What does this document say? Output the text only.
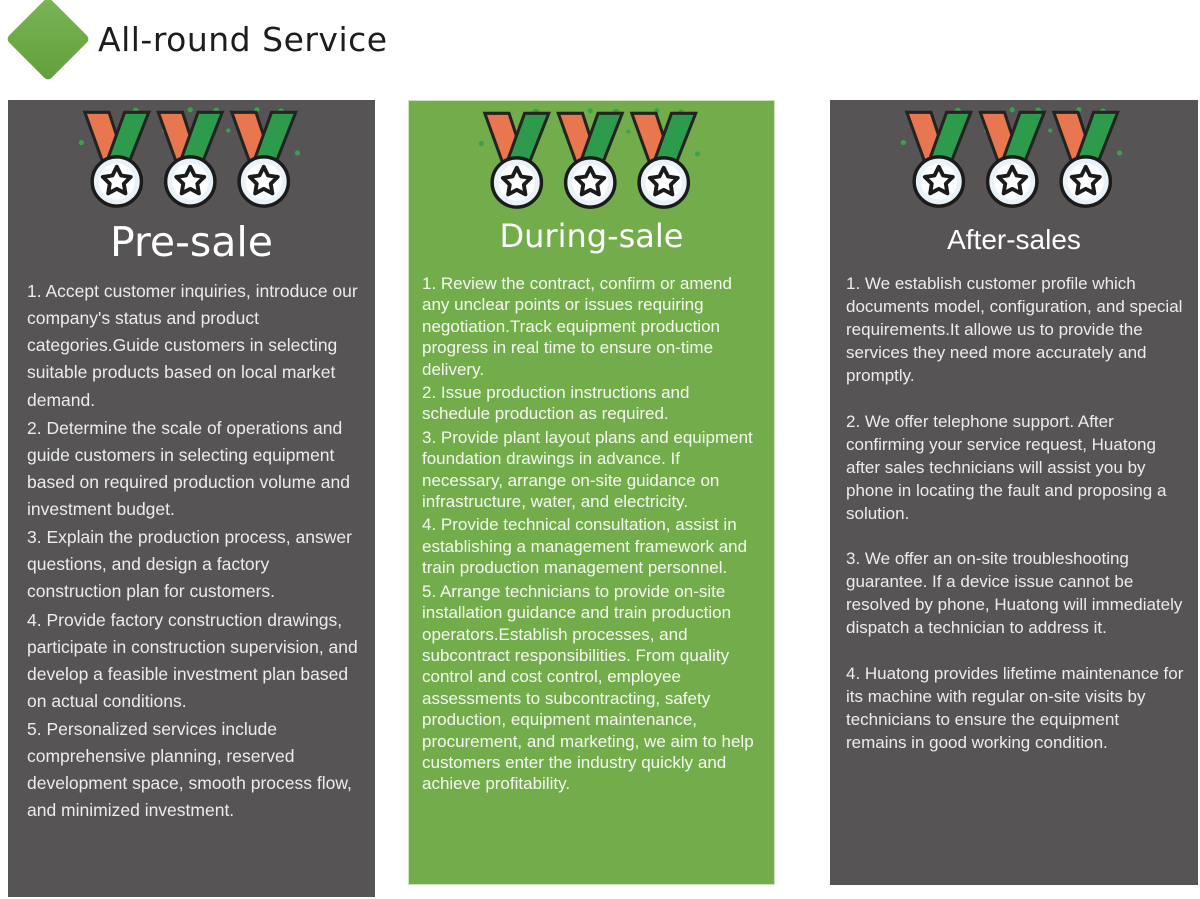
All-round Service
Pre-sale

1. Accept customer inquiries, introduce our company's status and product categories.Guide customers in selecting suitable products based on local market demand.

2. Determine the scale of operations and guide customers in selecting equipment based on required production volume and investment budget.

3. Explain the production process, answer questions, and design a factory construction plan for customers.

4. Provide factory construction drawings, participate in construction supervision, and develop a feasible investment plan based on actual conditions.

5. Personalized services include comprehensive planning, reserved development space, smooth process flow, and minimized investment.

During-sale

1. Review the contract, confirm or amend any unclear points or issues requiring negotiation.Track equipment production progress in real time to ensure on-time delivery.

2. Issue production instructions and schedule production as required.

3. Provide plant layout plans and equipment foundation drawings in advance. If necessary, arrange on-site guidance on infrastructure, water, and electricity.

4. Provide technical consultation, assist in establishing a management framework and train production management personnel.

5. Arrange technicians to provide on-site installation guidance and train production operators.Establish processes, and subcontract responsibilities. From quality control and cost control, employee assessments to subcontracting, safety production, equipment maintenance, procurement, and marketing, we aim to help customers enter the industry quickly and achieve profitability.

After-sales

1. We establish customer profile which documents model, configuration, and special requirements.It allowe us to provide the services they need more accurately and promptly.

2. We offer telephone support. After confirming your service request, Huatong after sales technicians will assist you by phone in locating the fault and proposing a solution.

3. We offer an on-site troubleshooting guarantee. If a device issue cannot be resolved by phone, Huatong will immediately dispatch a technician to address it.

4. Huatong provides lifetime maintenance for its machine with regular on-site visits by technicians to ensure the equipment remains in good working condition.
